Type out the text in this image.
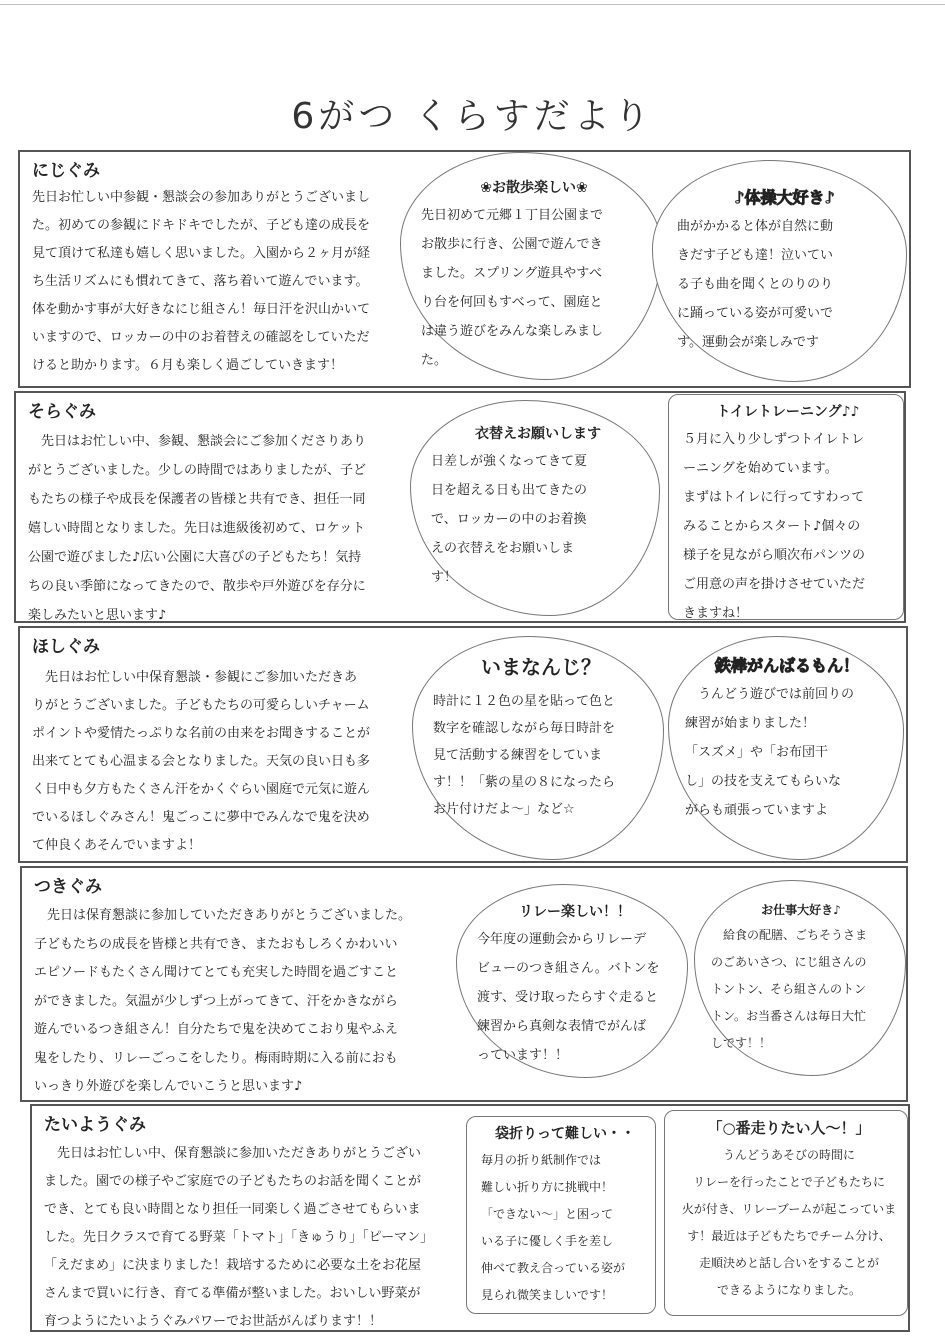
6がつ くらすだより
にじぐみ
先日お忙しい中参観・懇談会の参加ありがとうございまし
た。初めての参観にドキドキでしたが、子ども達の成長を
見て頂けて私達も嬉しく思いました。入園から２ヶ月が経
ち生活リズムにも慣れてきて、落ち着いて遊んでいます。
体を動かす事が大好きなにじ組さん！毎日汗を沢山かいて
いますので、ロッカーの中のお着替えの確認をしていただ
けると助かります。６月も楽しく過ごしていきます！
❀お散歩楽しい❀
先日初めて元郷１丁目公園まで
お散歩に行き、公園で遊んでき
ました。スプリング遊具やすべ
り台を何回もすべって、園庭と
は違う遊びをみんな楽しみまし
た。
♪体操大好き♪
曲がかかると体が自然に動
きだす子ども達！泣いてい
る子も曲を聞くとのりのり
に踊っている姿が可愛いで
す。運動会が楽しみです
そらぐみ
　先日はお忙しい中、参観、懇談会にご参加くださりあり
がとうございました。少しの時間ではありましたが、子ど
もたちの様子や成長を保護者の皆様と共有でき、担任一同
嬉しい時間となりました。先日は進級後初めて、ロケット
公園で遊びました♪広い公園に大喜びの子どもたち！気持
ちの良い季節になってきたので、散歩や戸外遊びを存分に
楽しみたいと思います♪
衣替えお願いします
日差しが強くなってきて夏
日を超える日も出てきたの
で、ロッカーの中のお着換
えの衣替えをお願いしま
す！
トイレトレーニング♪♪
５月に入り少しずつトイレトレ
ーニングを始めています。
まずはトイレに行ってすわって
みることからスタート♪個々の
様子を見ながら順次布パンツの
ご用意の声を掛けさせていただ
きますね！
ほしぐみ
　先日はお忙しい中保育懇談・参観にご参加いただきあ
りがとうございました。子どもたちの可愛らしいチャーム
ポイントや愛情たっぷりな名前の由来をお聞きすることが
出来てとても心温まる会となりました。天気の良い日も多
く日中も夕方もたくさん汗をかくぐらい園庭で元気に遊ん
でいるほしぐみさん！鬼ごっこに夢中でみんなで鬼を決め
て仲良くあそんでいますよ！
いまなんじ？
時計に１２色の星を貼って色と
数字を確認しながら毎日時計を
見て活動する練習をしていま
す！！「紫の星の８になったら
お片付けだよ～」など☆
鉄棒がんばるもん！
　うんどう遊びでは前回りの
練習が始まりました！
「スズメ」や「お布団干
し」の技を支えてもらいな
がらも頑張っていますよ
つきぐみ
　先日は保育懇談に参加していただきありがとうございました。
子どもたちの成長を皆様と共有でき、またおもしろくかわいい
エピソードもたくさん聞けてとても充実した時間を過ごすこと
ができました。気温が少しずつ上がってきて、汗をかきながら
遊んでいるつき組さん！自分たちで鬼を決めてこおり鬼やふえ
鬼をしたり、リレーごっこをしたり。梅雨時期に入る前におも
いっきり外遊びを楽しんでいこうと思います♪
リレー楽しい！！
今年度の運動会からリレーデ
ビューのつき組さん。バトンを
渡す、受け取ったらすぐ走ると
練習から真剣な表情でがんば
っています！！
お仕事大好き♪
　給食の配膳、ごちそうさま
のごあいさつ、にじ組さんの
トントン、そら組さんのトン
トン。お当番さんは毎日大忙
しです！！
たいようぐみ
　先日はお忙しい中、保育懇談に参加いただきありがとうござい
ました。園での様子やご家庭での子どもたちのお話を聞くことが
でき、とても良い時間となり担任一同楽しく過ごさせてもらいま
した。先日クラスで育てる野菜「トマト」「きゅうり」「ピーマン」
「えだまめ」に決まりました！栽培するために必要な土をお花屋
さんまで買いに行き、育てる準備が整いました。おいしい野菜が
育つようにたいようぐみパワーでお世話がんばります！！
袋折りって難しい・・
毎月の折り紙制作では
難しい折り方に挑戦中！
「できない～」と困って
いる子に優しく手を差し
伸べて教え合っている姿が
見られ微笑ましいです！
「○番走りたい人～！」
うんどうあそびの時間に
リレーを行ったことで子どもたちに
火が付き、リレーブームが起こっていま
す！最近は子どもたちでチーム分け、
走順決めと話し合いをすることが
できるようになりました。
